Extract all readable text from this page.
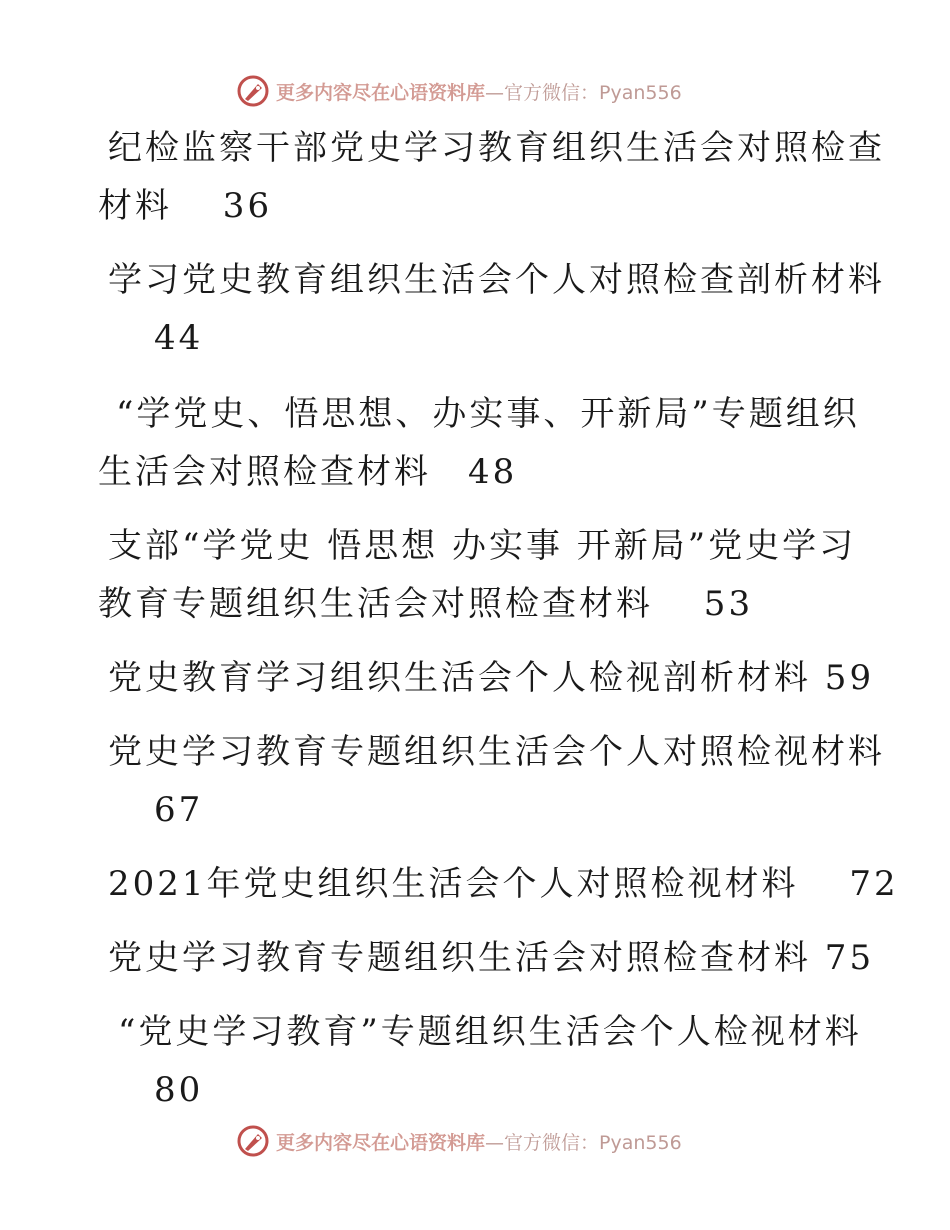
更多内容尽在心语资料库 —官方微信：Pyan556
纪检监察干部党史学习教育组织生活会对照检查
材料　 36
学习党史教育组织生活会个人对照检查剖析材料
44
“学党史、悟思想、办实事、开新局”专题组织
生活会对照检查材料　48
支部“学党史 悟思想 办实事 开新局”党史学习
教育专题组织生活会对照检查材料　 53
党史教育学习组织生活会个人检视剖析材料 59
党史学习教育专题组织生活会个人对照检视材料
67
2021年党史组织生活会个人对照检视材料　 72
党史学习教育专题组织生活会对照检查材料 75
“党史学习教育”专题组织生活会个人检视材料
80
更多内容尽在心语资料库 —官方微信：Pyan556
